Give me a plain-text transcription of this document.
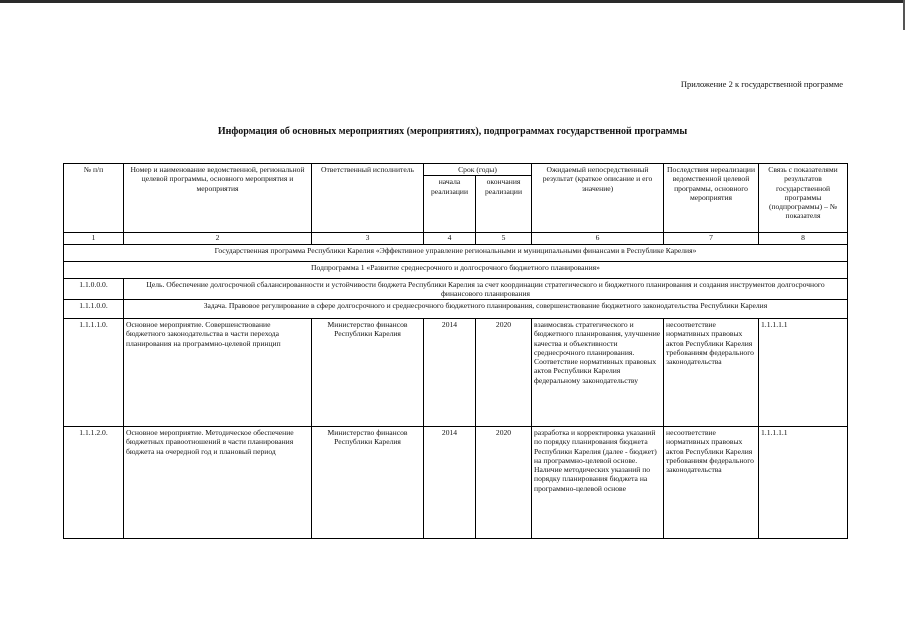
Приложение 2 к государственной программе
Информация об основных мероприятиях (мероприятиях), подпрограммах государственной программы
№ п/п	Номер и наименование ведомственной, региональной целевой программы, основного мероприятия и мероприятия	Ответственный исполнитель	Срок (годы)		Ожидаемый непосредственный результат (краткое описание и его значение)	Последствия нереализации ведомственной целевой программы, основного мероприятия	Связь с показателями результатов государственной программы (подпрограммы) – № показателя
			начала реализации	окончания реализации			
1	2	3	4	5	6	7	8
Государственная программа Республики Карелия «Эффективное управление региональными и муниципальными финансами в Республике Карелия»							
Подпрограмма 1 «Развитие среднесрочного и долгосрочного бюджетного планирования»							
1.1.0.0.0.	Цель. Обеспечение долгосрочной сбалансированности и устойчивости бюджета Республики Карелия за счет координации стратегического и бюджетного планирования и создания инструментов долгосрочного финансового планирования						
1.1.1.0.0.	Задача. Правовое регулирование в сфере долгосрочного и среднесрочного бюджетного планирования, совершенствование бюджетного законодательства Республики Карелия						
1.1.1.1.0.	Основное мероприятие. Совершенствование бюджетного законодательства в части перехода планирования на программно-целевой принцип	Министерство финансов Республики Карелия	2014	2020	взаимосвязь стратегического и бюджетного планирования, улучшение качества и объективности среднесрочного планирования. Соответствие нормативных правовых актов Республики Карелия федеральному законодательству	несоответствие нормативных правовых актов Республики Карелия требованиям федерального законодательства	1.1.1.1.1
1.1.1.2.0.	Основное мероприятие. Методическое обеспечение бюджетных правоотношений в части планирования бюджета на очередной год и плановый период	Министерство финансов Республики Карелия	2014	2020	разработка и корректировка указаний по порядку планирования бюджета Республики Карелия (далее - бюджет) на программно-целевой основе. Наличие методических указаний по порядку планирования бюджета на программно-целевой основе	несоответствие нормативных правовых актов Республики Карелия требованиям федерального законодательства	1.1.1.1.1
